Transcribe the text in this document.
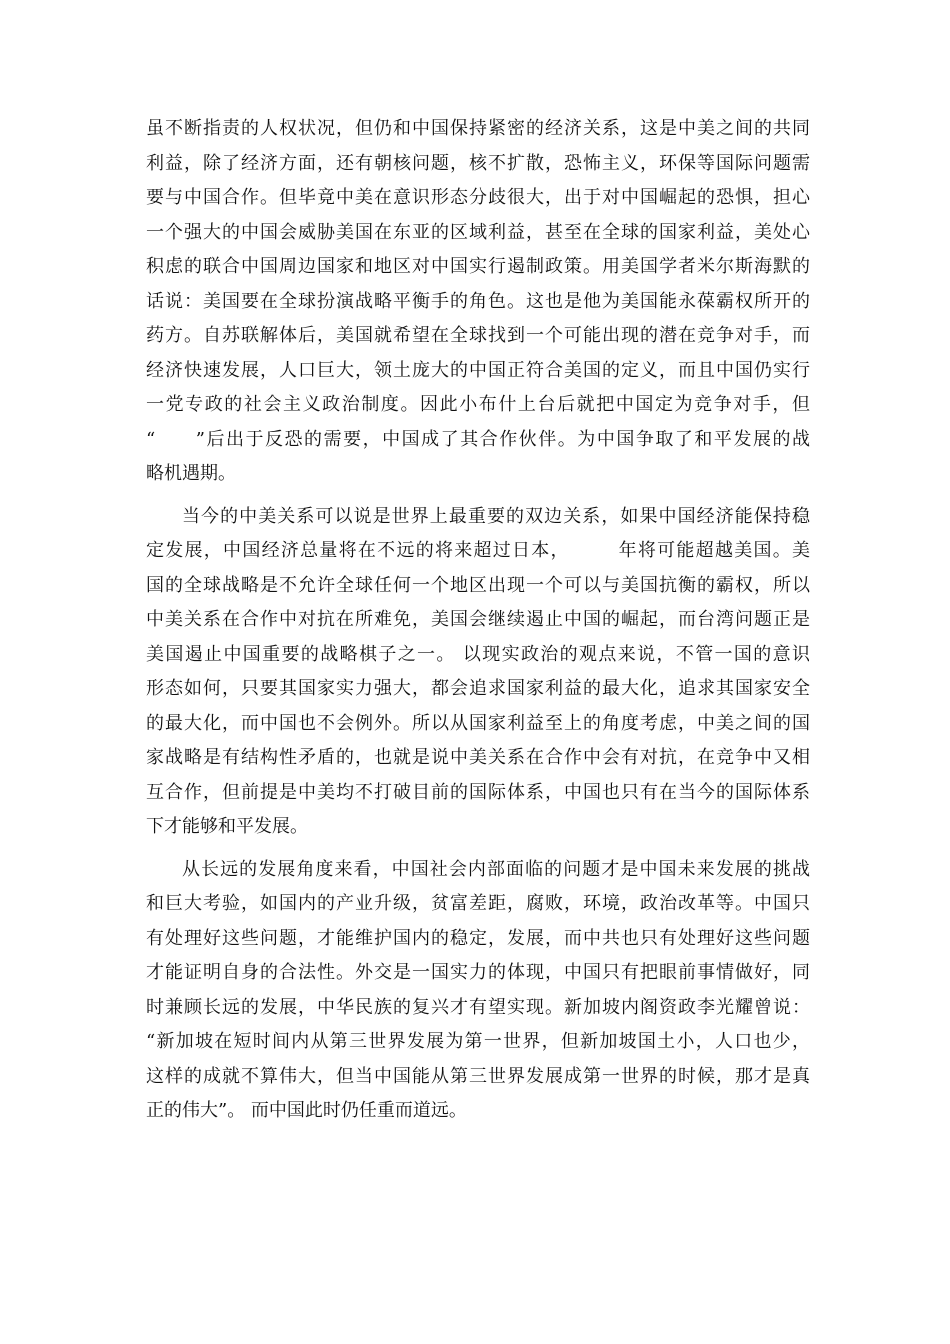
虽不断指责的人权状况，但仍和中国保持紧密的经济关系，这是中美之间的共同
利益，除了经济方面，还有朝核问题，核不扩散，恐怖主义，环保等国际问题需
要与中国合作。但毕竟中美在意识形态分歧很大，出于对中国崛起的恐惧，担心
一个强大的中国会威胁美国在东亚的区域利益，甚至在全球的国家利益，美处心
积虑的联合中国周边国家和地区对中国实行遏制政策。用美国学者米尔斯海默的
话说：美国要在全球扮演战略平衡手的角色。这也是他为美国能永葆霸权所开的
药方。自苏联解体后，美国就希望在全球找到一个可能出现的潜在竞争对手，而
经济快速发展，人口巨大，领土庞大的中国正符合美国的定义，而且中国仍实行
一党专政的社会主义政治制度。因此小布什上台后就把中国定为竞争对手，但
“　　”后出于反恐的需要，中国成了其合作伙伴。为中国争取了和平发展的战
略机遇期。
当今的中美关系可以说是世界上最重要的双边关系，如果中国经济能保持稳
定发展，中国经济总量将在不远的将来超过日本，　　　年将可能超越美国。美
国的全球战略是不允许全球任何一个地区出现一个可以与美国抗衡的霸权，所以
中美关系在合作中对抗在所难免，美国会继续遏止中国的崛起，而台湾问题正是
美国遏止中国重要的战略棋子之一。 以现实政治的观点来说，不管一国的意识
形态如何，只要其国家实力强大，都会追求国家利益的最大化，追求其国家安全
的最大化，而中国也不会例外。所以从国家利益至上的角度考虑，中美之间的国
家战略是有结构性矛盾的，也就是说中美关系在合作中会有对抗，在竞争中又相
互合作，但前提是中美均不打破目前的国际体系，中国也只有在当今的国际体系
下才能够和平发展。
从长远的发展角度来看，中国社会内部面临的问题才是中国未来发展的挑战
和巨大考验，如国内的产业升级，贫富差距，腐败，环境，政治改革等。中国只
有处理好这些问题，才能维护国内的稳定，发展，而中共也只有处理好这些问题
才能证明自身的合法性。外交是一国实力的体现，中国只有把眼前事情做好，同
时兼顾长远的发展，中华民族的复兴才有望实现。新加坡内阁资政李光耀曾说：
“新加坡在短时间内从第三世界发展为第一世界，但新加坡国土小，人口也少，
这样的成就不算伟大，但当中国能从第三世界发展成第一世界的时候，那才是真
正的伟大”。 而中国此时仍任重而道远。
